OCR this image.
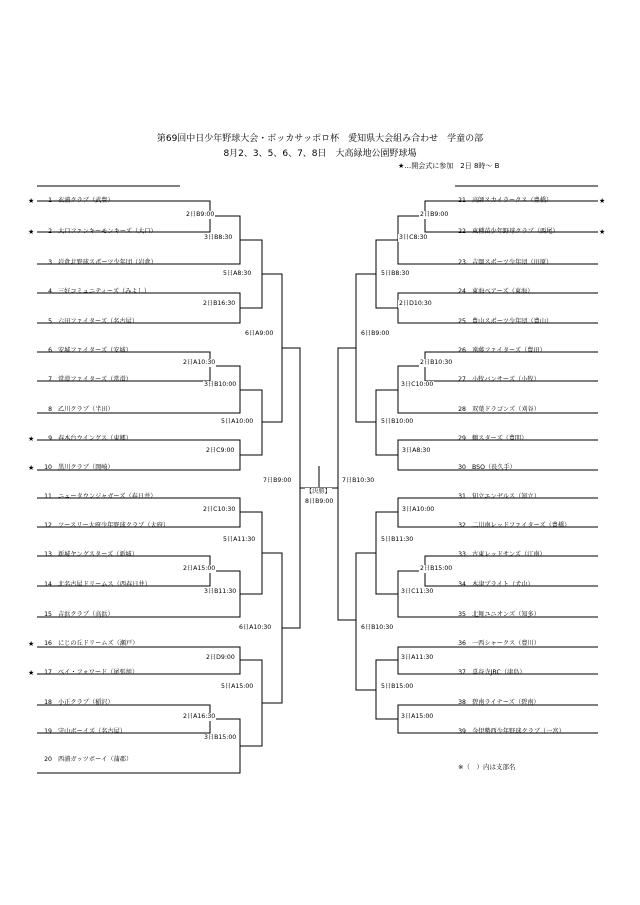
第69回中日少年野球大会・ボッカサッポロ杯　愛知県大会組み合わせ　学童の部
8月2、3、5、6、7、8日　大高緑地公園野球場
★…開会式に参加　2日 8時〜 B
1 衣浦クラブ（武豊）
2 大口ファンキーモンキーズ（大口）
3 岩倉北野球スポーツ少年団（岩倉）
4 三好コミュニティーズ（みよし）
5 六田ファイターズ（名古屋）
6 安城ファイターズ（安城）
7 常滑ファイターズ（常滑）
8 乙川クラブ（半田）
9 春木台ウイングス（東郷）
10 黒川クラブ（岡崎）
11 ニュータウンジャガーズ（春日井）
12 ツースリー大府少年野球クラブ（大府）
13 新城ヤングスターズ（新城）
14 北名古屋ドリームス（西春日井）
15 吉浜クラブ（高浜）
16 にじの丘ドリームズ（瀬戸）
17 ベイ・フォワード（尾張旭）
18 小正クラブ（稲沢）
19 守山ボーイズ（名古屋）
20 西浦ガッツボーイ（蒲郡）
★
★
★
★
★
★
21 高師スカイラークス（豊橋）
22 東種苗少年野球クラブ（西尾）
23 吉岡スポーツ少年団（田原）
24 東海ベアーズ（東海）
25 豊山スポーツ少年団（豊山）
26 遠藤ファイターズ（豊田）
27 小牧バンサーズ（小牧）
28 双葉ドラゴンズ（刈谷）
29 鶴スターズ（豊明）
30 BSO（長久手）
31 知立エンゼルス（知立）
32 二川南レッドファイターズ（豊橋）
33 古東レッドサンズ（江南）
34 木津ブライト（犬山）
35 北舞ユニオンズ（知多）
36 一西シャークス（豊川）
37 喜谷寺JBC（津島）
38 碧南ライナーズ（碧南）
39 今伊勢西少年野球クラブ（一宮）
★
★
2日B9:00
3日B8:30
2日B16:30
5日A8:30
2日A10:30
3日B10:00
2日C9:00
5日A10:00
6日A9:00
2日C10:30
2日A15:00
3日B11:30
5日A11:30
2日D9:00
2日A16:30
3日B15:00
5日A15:00
6日A10:30
7日B9:00
2日B9:00
3日C8:30
2日D10:30
5日B8:30
2日B10:30
3日C10:00
3日A8:30
5日B10:00
6日B9:00
3日A10:00
5日B11:30
2日B15:00
3日C11:30
3日A11:30
3日A15:00
5日B15:00
6日B10:30
7日B10:30
【決勝】
8日B9:00
※（　）内は支部名
